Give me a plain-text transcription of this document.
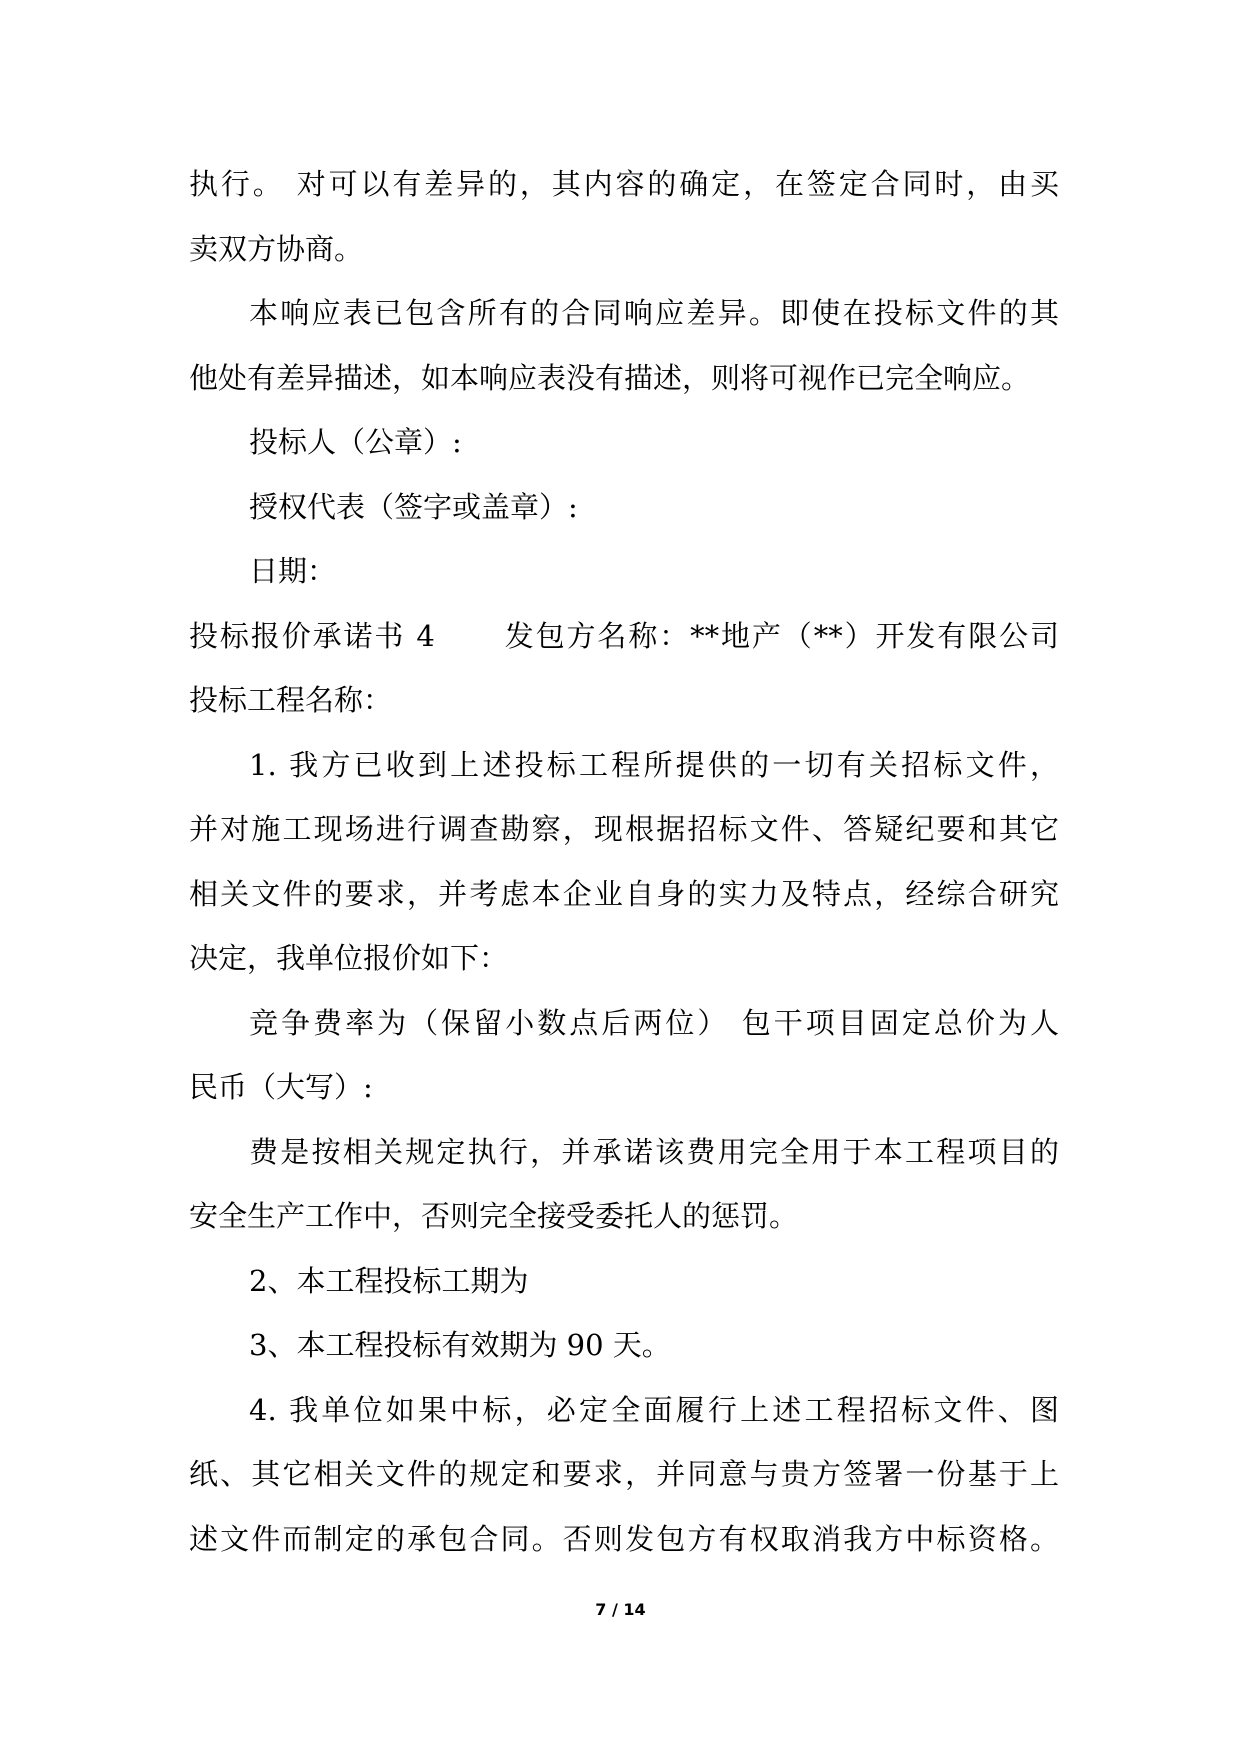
执行。 对可以有差异的，其内容的确定，在签定合同时，由买
卖双方协商。
本响应表已包含所有的合同响应差异。即使在投标文件的其
他处有差异描述，如本响应表没有描述，则将可视作已完全响应。
投标人（公章）:
授权代表（签字或盖章）:
日期：
投标报价承诺书 4 发包方名称：**地产（**）开发有限公司
投标工程名称：
1. 我方已收到上述投标工程所提供的一切有关招标文件，
并对施工现场进行调查勘察，现根据招标文件、答疑纪要和其它
相关文件的要求，并考虑本企业自身的实力及特点，经综合研究
决定，我单位报价如下：
竞争费率为（保留小数点后两位） 包干项目固定总价为人
民币（大写）:
费是按相关规定执行，并承诺该费用完全用于本工程项目的
安全生产工作中，否则完全接受委托人的惩罚。
2、本工程投标工期为
3、本工程投标有效期为 90 天。
4. 我单位如果中标，必定全面履行上述工程招标文件、图
纸、其它相关文件的规定和要求，并同意与贵方签署一份基于上
述文件而制定的承包合同。否则发包方有权取消我方中标资格。
7 / 14
